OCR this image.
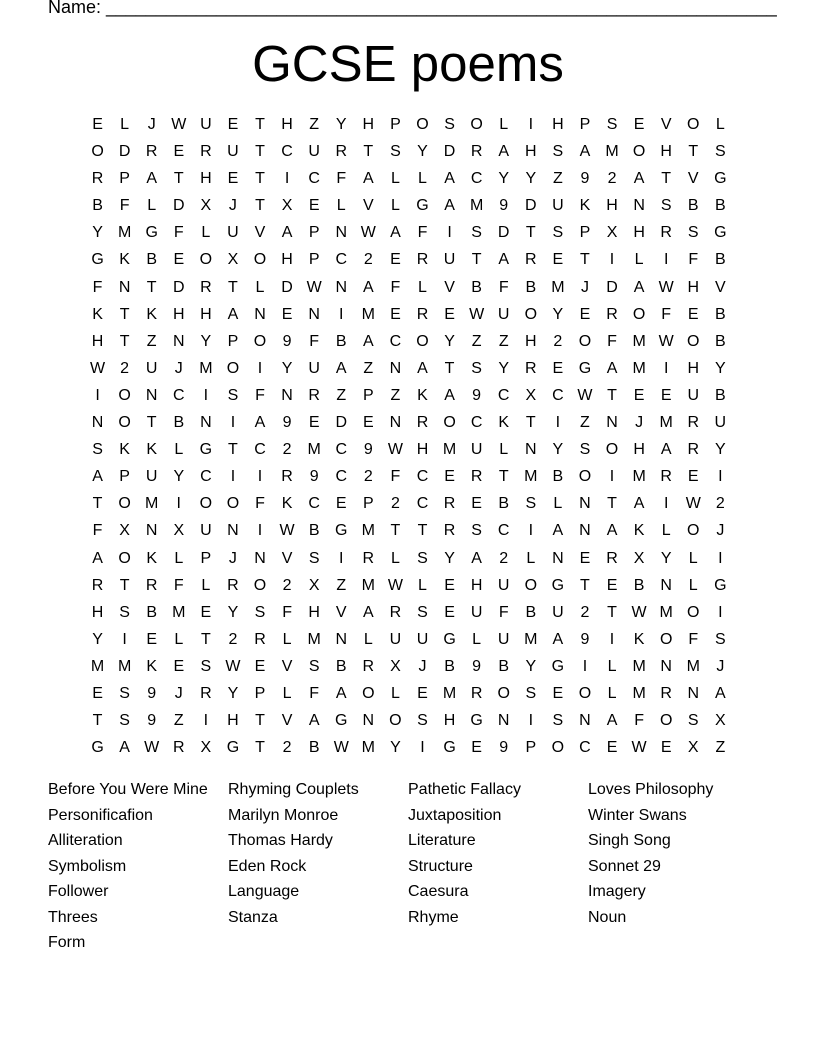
Name: ___________________________________________________________________
GCSE poems
E	L	J W U E	T	H	Z	Y H P O S O	L	I	H P	S	E	V O	L
O D R E R U	T	C U R	T	S	Y D R A H S	A M O H	T	S
R P	A	T	H E	T	I	C	F	A	L	L	A C Y	Y	Z	9	2	A	T	V G
B	F	L	D X	J	T	X	E	L	V	L	G A M 9	D U K H N S	B	B
Y M G F	L	U V	A	P N W A	F	I	S D	T	S	P	X H R S G
G K	B	E O X O H P C	2	E R U	T	A R E	T	I	L	I	F	B
F	N	T	D R	T	L	D W N A	F	L	V	B	F	B M	J	D A W H V
K	T	K H H A N E N	I	M E R E W U O Y	E R O F	E	B
H	T	Z	N Y	P O	9	F	B	A C O Y	Z	Z	H	2	O F M W O B
W 2	U	J	M O	I	Y U A	Z	N A	T	S	Y R E G A M	I	H Y
I	O N C	I	S	F	N R	Z	P	Z	K	A	9	C X C W T	E	E U B
N O T	B N	I	A	9	E D E N R O C K	T	I	Z	N	J	M R U
S	K	K	L	G T	C	2 M C	9 W H M U	L	N Y	S O H A R Y
A	P U Y C	I	I	R	9	C	2	F	C E R	T M B O	I	M R E	I
T O M	I	O O F	K C E	P	2	C R E	B	S	L	N	T	A	I	W 2
F	X N X U N	I	W B G M T	T	R S C	I	A N A	K	L	O	J
A O K	L	P	J	N V	S	I	R	L	S	Y	A	2	L	N E R X	Y	L	I
R	T	R	F	L	R O	2	X	Z M W L	E H U O G T	E	B N	L	G
H S	B M E	Y	S	F	H V	A R S	E U	F	B U	2	T W M O	I
Y	I	E	L	T	2	R	L M N	L	U U G	L	U M A	9	I	K O F	S
M M K	E	S W E	V	S	B R X	J	B	9	B	Y G	I	L M N M	J
E	S	9	J	R Y	P	L	F	A O	L	E M R O S	E O	L M R N A
T	S	9	Z	I	H	T	V	A G N O S H G N	I	S N A	F O S	X
G A W R X G T	2	B W M Y	I	G E	9	P O C E W E	X	Z
Before You Were Mine	Rhyming Couplets	Pathetic Fallacy	Loves Philosophy
Personificafion	Marilyn Monroe	Juxtaposition	Winter Swans
Alliteration	Thomas Hardy	Literature	Singh Song
Symbolism	Eden Rock	Structure	Sonnet 29
Follower	Language	Caesura	Imagery
Threes	Stanza	Rhyme	Noun
Form
